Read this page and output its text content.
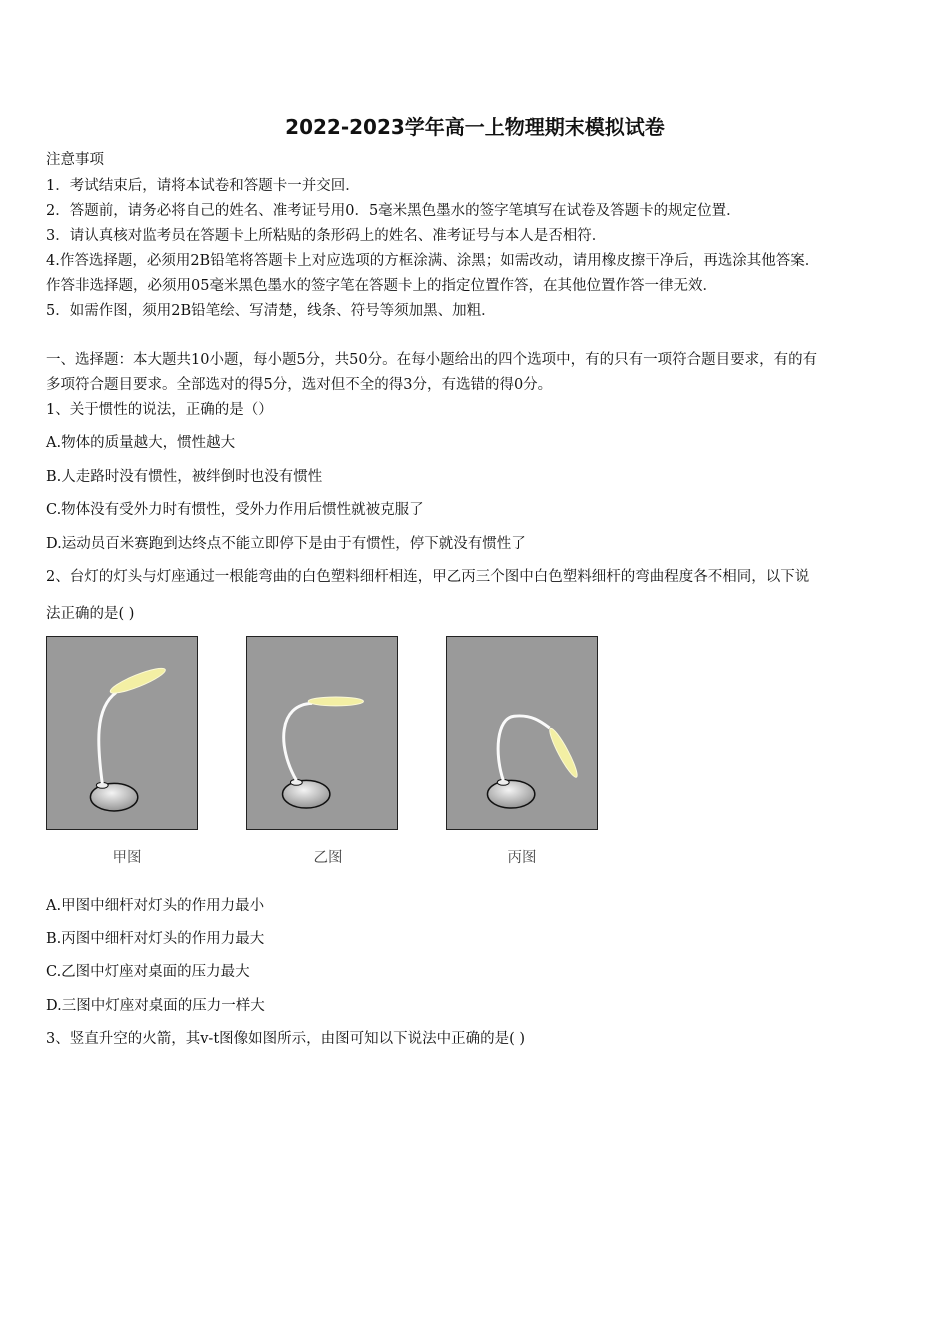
2022-2023学年高一上物理期末模拟试卷
注意事项
1．考试结束后，请将本试卷和答题卡一并交回．
2．答题前，请务必将自己的姓名、准考证号用0．5毫米黑色墨水的签字笔填写在试卷及答题卡的规定位置．
3．请认真核对监考员在答题卡上所粘贴的条形码上的姓名、准考证号与本人是否相符．
4.作答选择题，必须用2B铅笔将答题卡上对应选项的方框涂满、涂黑；如需改动，请用橡皮擦干净后，再选涂其他答案．
作答非选择题，必须用05毫米黑色墨水的签字笔在答题卡上的指定位置作答，在其他位置作答一律无效．
5．如需作图，须用2B铅笔绘、写清楚，线条、符号等须加黑、加粗．
一、选择题：本大题共10小题，每小题5分，共50分。在每小题给出的四个选项中，有的只有一项符合题目要求，有的有
多项符合题目要求。全部选对的得5分，选对但不全的得3分，有选错的得0分。
1、关于惯性的说法，正确的是（）
A.物体的质量越大，惯性越大
B.人走路时没有惯性，被绊倒时也没有惯性
C.物体没有受外力时有惯性，受外力作用后惯性就被克服了
D.运动员百米赛跑到达终点不能立即停下是由于有惯性，停下就没有惯性了
2、台灯的灯头与灯座通过一根能弯曲的白色塑料细杆相连，甲乙丙三个图中白色塑料细杆的弯曲程度各不相同，以下说
法正确的是( )
甲图	乙图	丙图
A.甲图中细杆对灯头的作用力最小
B.丙图中细杆对灯头的作用力最大
C.乙图中灯座对桌面的压力最大
D.三图中灯座对桌面的压力一样大
3、竖直升空的火箭，其v-t图像如图所示，由图可知以下说法中正确的是( )
